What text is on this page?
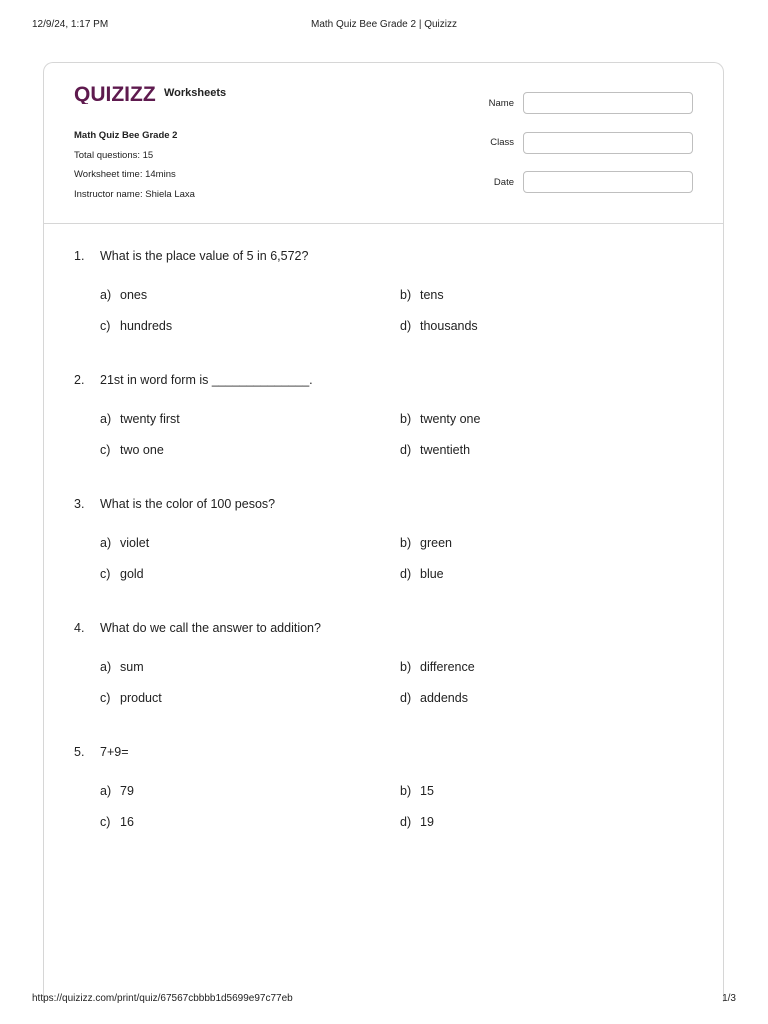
12/9/24, 1:17 PM	Math Quiz Bee Grade 2 | Quizizz
QUIZIZZ Worksheets
Math Quiz Bee Grade 2
Total questions: 15
Worksheet time: 14mins
Instructor name: Shiela Laxa
Name
Class
Date
1.	What is the place value of 5 in 6,572?
a) ones	b) tens
c) hundreds	d) thousands
2.	21st in word form is ______________.
a) twenty first	b) twenty one
c) two one	d) twentieth
3.	What is the color of 100 pesos?
a) violet	b) green
c) gold	d) blue
4.	What do we call the answer to addition?
a) sum	b) difference
c) product	d) addends
5.	7+9=
a) 79	b) 15
c) 16	d) 19
https://quizizz.com/print/quiz/67567cbbbb1d5699e97c77eb	1/3
